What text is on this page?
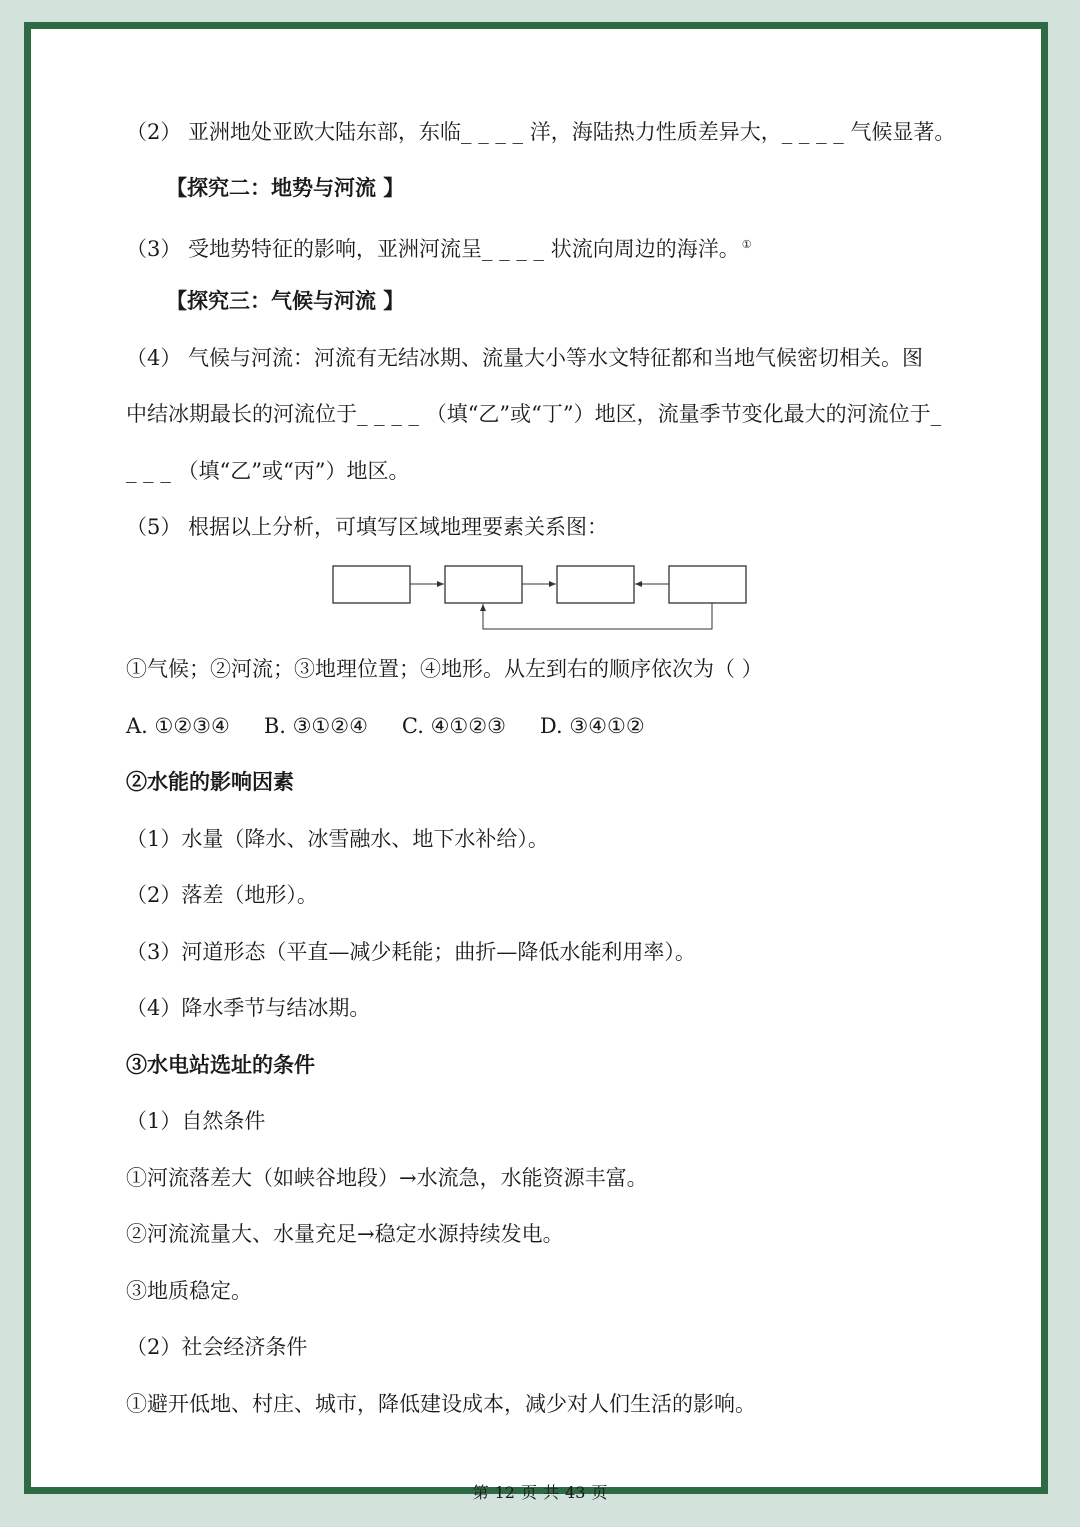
（2） 亚洲地处亚欧大陆东部，东临_ _ _ _ 洋，海陆热力性质差异大，_ _ _ _ 气候显著。
【探究二：地势与河流 】
（3） 受地势特征的影响，亚洲河流呈_ _ _ _ 状流向周边的海洋。 ①
【探究三：气候与河流 】
（4） 气候与河流：河流有无结冰期、流量大小等水文特征都和当地气候密切相关。图
中结冰期最长的河流位于_ _ _ _ （填“乙”或“丁”）地区，流量季节变化最大的河流位于_
_ _ _ （填“乙”或“丙”）地区。
（5） 根据以上分析，可填写区域地理要素关系图：
①气候；②河流；③地理位置；④地形。从左到右的顺序依次为（ ）
A. ①②③④ B. ③①②④ C. ④①②③ D. ③④①②
②水能的影响因素
（1）水量（降水、冰雪融水、地下水补给）。
（2）落差（地形）。
（3）河道形态（平直—减少耗能；曲折—降低水能利用率）。
（4）降水季节与结冰期。
③水电站选址的条件
（1）自然条件
①河流落差大（如峡谷地段）→水流急，水能资源丰富。
②河流流量大、水量充足→稳定水源持续发电。
③地质稳定。
（2）社会经济条件
①避开低地、村庄、城市，降低建设成本，减少对人们生活的影响。
第 12 页 共 43 页
